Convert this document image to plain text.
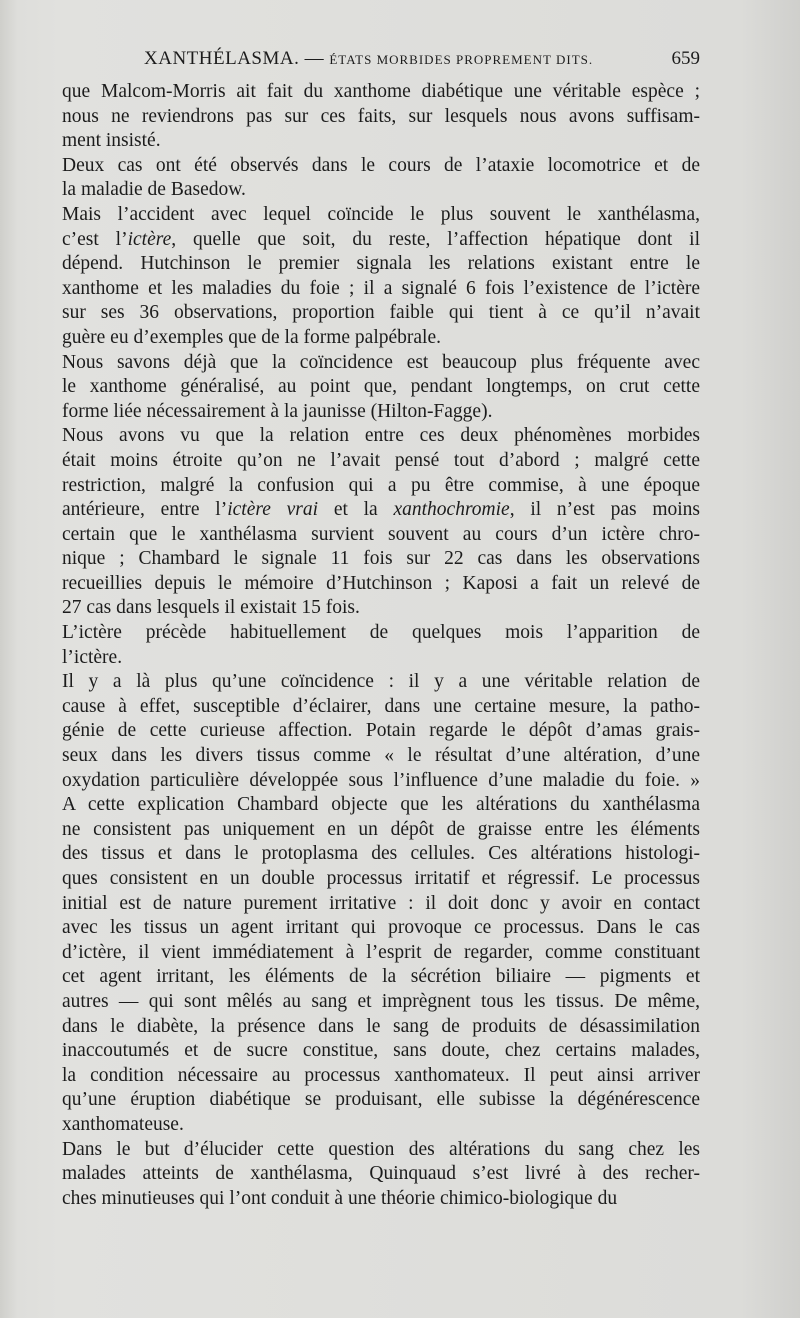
XANTHÉLASMA. — ÉTATS MORBIDES PROPREMENT DITS.	659

que Malcom-Morris ait fait du xanthome diabétique une véritable espèce ;
nous ne reviendrons pas sur ces faits, sur lesquels nous avons suffisam-
ment insisté.

Deux cas ont été observés dans le cours de l’ataxie locomotrice et de
la maladie de Basedow.

Mais l’accident avec lequel coïncide le plus souvent le xanthélasma,
c’est l’ictère, quelle que soit, du reste, l’affection hépatique dont il
dépend. Hutchinson le premier signala les relations existant entre le
xanthome et les maladies du foie ; il a signalé 6 fois l’existence de l’ictère
sur ses 36 observations, proportion faible qui tient à ce qu’il n’avait
guère eu d’exemples que de la forme palpébrale.

Nous savons déjà que la coïncidence est beaucoup plus fréquente avec
le xanthome généralisé, au point que, pendant longtemps, on crut cette
forme liée nécessairement à la jaunisse (Hilton-Fagge).

Nous avons vu que la relation entre ces deux phénomènes morbides
était moins étroite qu’on ne l’avait pensé tout d’abord ; malgré cette
restriction, malgré la confusion qui a pu être commise, à une époque
antérieure, entre l’ictère vrai et la xanthochromie, il n’est pas moins
certain que le xanthélasma survient souvent au cours d’un ictère chro-
nique ; Chambard le signale 11 fois sur 22 cas dans les observations
recueillies depuis le mémoire d’Hutchinson ; Kaposi a fait un relevé de
27 cas dans lesquels il existait 15 fois.

L’ictère précède habituellement de quelques mois l’apparition de
l’ictère.

Il y a là plus qu’une coïncidence : il y a une véritable relation de
cause à effet, susceptible d’éclairer, dans une certaine mesure, la patho-
génie de cette curieuse affection. Potain regarde le dépôt d’amas grais-
seux dans les divers tissus comme « le résultat d’une altération, d’une
oxydation particulière développée sous l’influence d’une maladie du foie. »
A cette explication Chambard objecte que les altérations du xanthélasma
ne consistent pas uniquement en un dépôt de graisse entre les éléments
des tissus et dans le protoplasma des cellules. Ces altérations histologi-
ques consistent en un double processus irritatif et régressif. Le processus
initial est de nature purement irritative : il doit donc y avoir en contact
avec les tissus un agent irritant qui provoque ce processus. Dans le cas
d’ictère, il vient immédiatement à l’esprit de regarder, comme constituant
cet agent irritant, les éléments de la sécrétion biliaire — pigments et
autres — qui sont mêlés au sang et imprègnent tous les tissus. De même,
dans le diabète, la présence dans le sang de produits de désassimilation
inaccoutumés et de sucre constitue, sans doute, chez certains malades,
la condition nécessaire au processus xanthomateux. Il peut ainsi arriver
qu’une éruption diabétique se produisant, elle subisse la dégénérescence
xanthomateuse.

Dans le but d’élucider cette question des altérations du sang chez les
malades atteints de xanthélasma, Quinquaud s’est livré à des recher-
ches minutieuses qui l’ont conduit à une théorie chimico-biologique du
